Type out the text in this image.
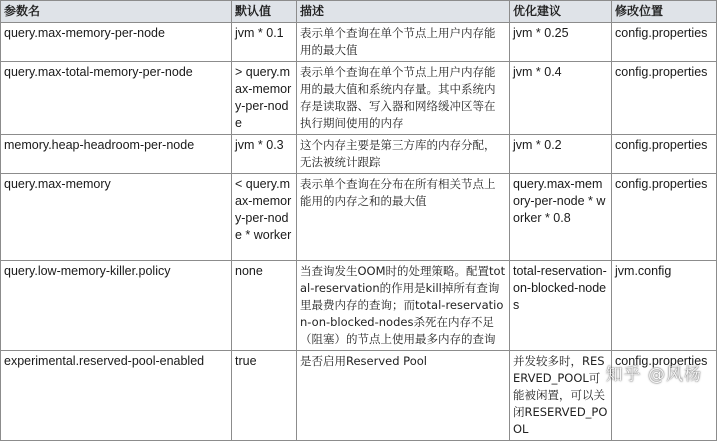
参数名	默认值	描述	优化建议	修改位置
query.max-memory-per-node	jvm * 0.1	表示单个查询在单个节点上用户内存能用的最大值	jvm * 0.25	config.properties
query.max-total-memory-per-node	> query.max-memory-per-node	表示单个查询在单个节点上用户内存能用的最大值和系统内存量。其中系统内存是读取器、写入器和网络缓冲区等在执行期间使用的内存	jvm * 0.4	config.properties
memory.heap-headroom-per-node	jvm * 0.3	这个内存主要是第三方库的内存分配，无法被统计跟踪	jvm * 0.2	config.properties
query.max-memory	< query.max-memory-per-node * worker	表示单个查询在分布在所有相关节点上能用的内存之和的最大值	query.max-memory-per-node * worker * 0.8	config.properties
query.low-memory-killer.policy	none	当查询发生OOM时的处理策略。配置total-reservation的作用是kill掉所有查询里最费内存的查询；而total-reservation-on-blocked-nodes杀死在内存不足（阻塞）的节点上使用最多内存的查询	total-reservation-on-blocked-nodes	jvm.config
experimental.reserved-pool-enabled	true	是否启用Reserved Pool	并发较多时，RESERVED_POOL可能被闲置，可以关闭RESERVED_POOL	config.properties
知乎 @风杨
